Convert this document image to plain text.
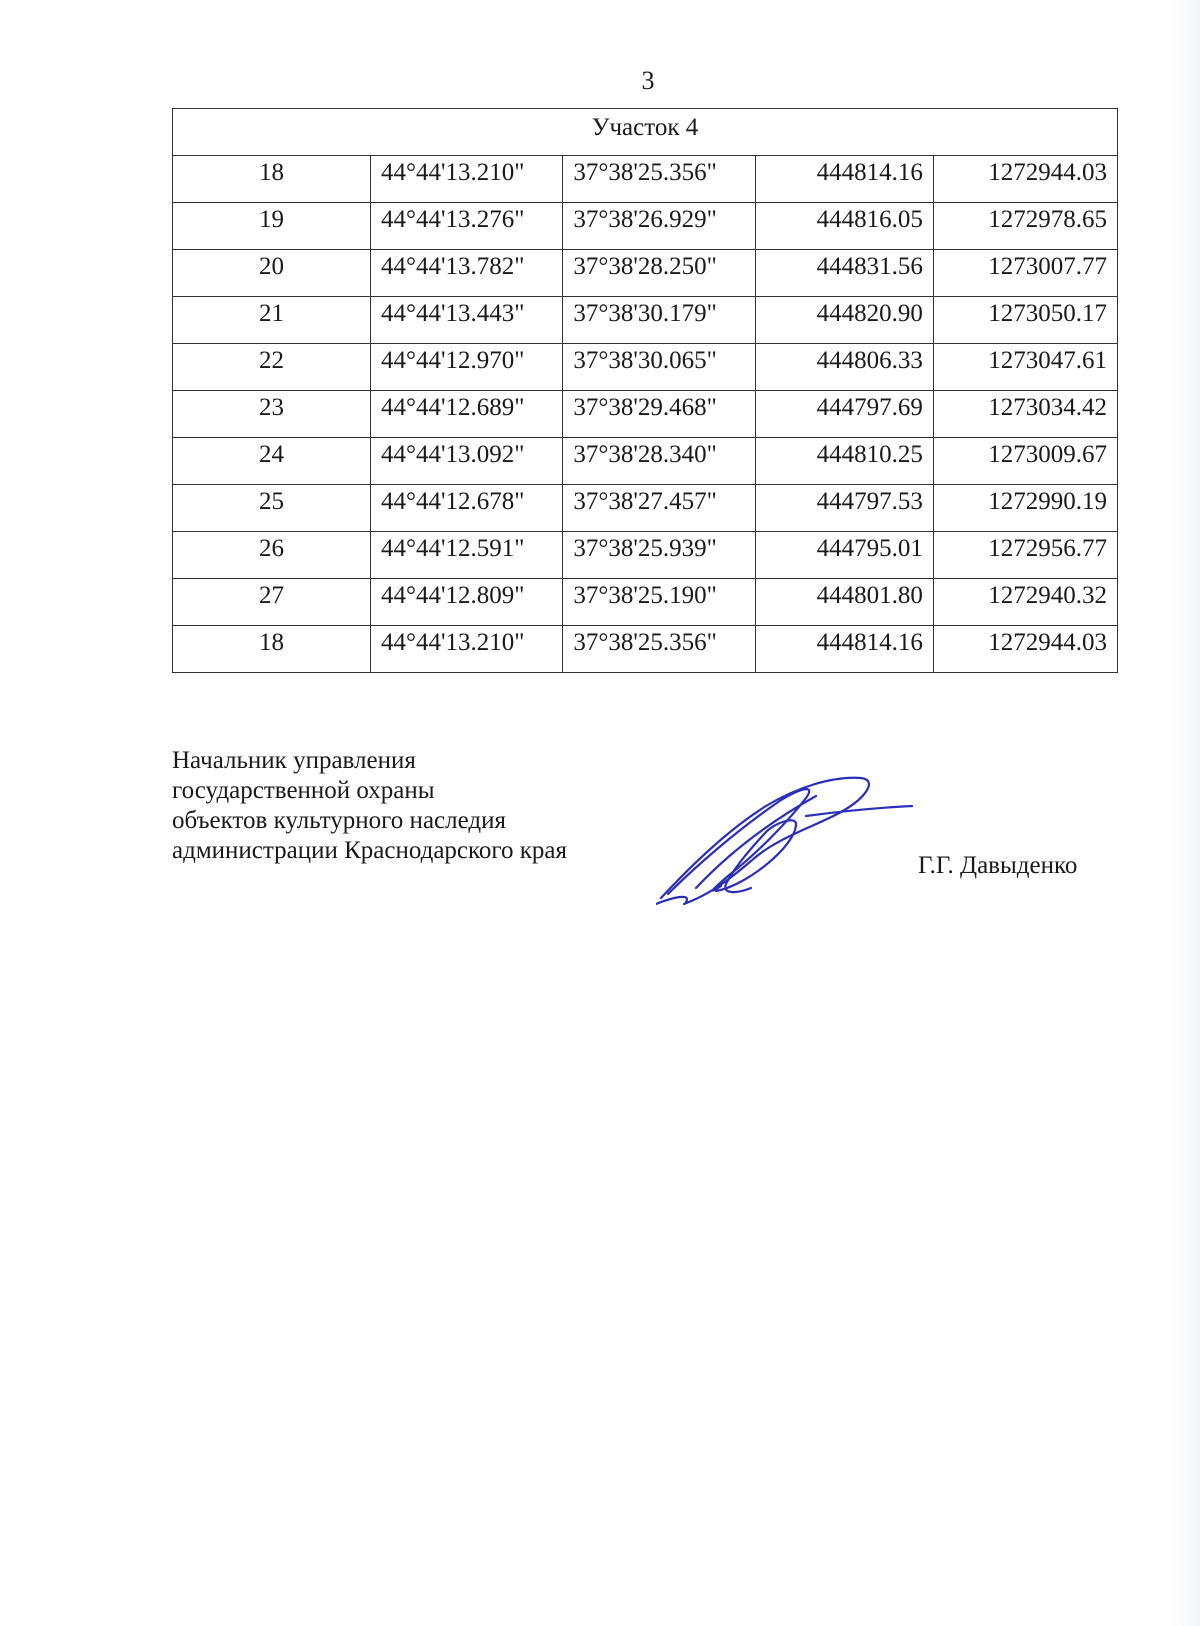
3
Участок 4				
18	44°44'13.210"	37°38'25.356"	444814.16	1272944.03
19	44°44'13.276"	37°38'26.929"	444816.05	1272978.65
20	44°44'13.782"	37°38'28.250"	444831.56	1273007.77
21	44°44'13.443"	37°38'30.179"	444820.90	1273050.17
22	44°44'12.970"	37°38'30.065"	444806.33	1273047.61
23	44°44'12.689"	37°38'29.468"	444797.69	1273034.42
24	44°44'13.092"	37°38'28.340"	444810.25	1273009.67
25	44°44'12.678"	37°38'27.457"	444797.53	1272990.19
26	44°44'12.591"	37°38'25.939"	444795.01	1272956.77
27	44°44'12.809"	37°38'25.190"	444801.80	1272940.32
18	44°44'13.210"	37°38'25.356"	444814.16	1272944.03
Начальник управления
государственной охраны
объектов культурного наследия
администрации Краснодарского края
Г.Г. Давыденко
